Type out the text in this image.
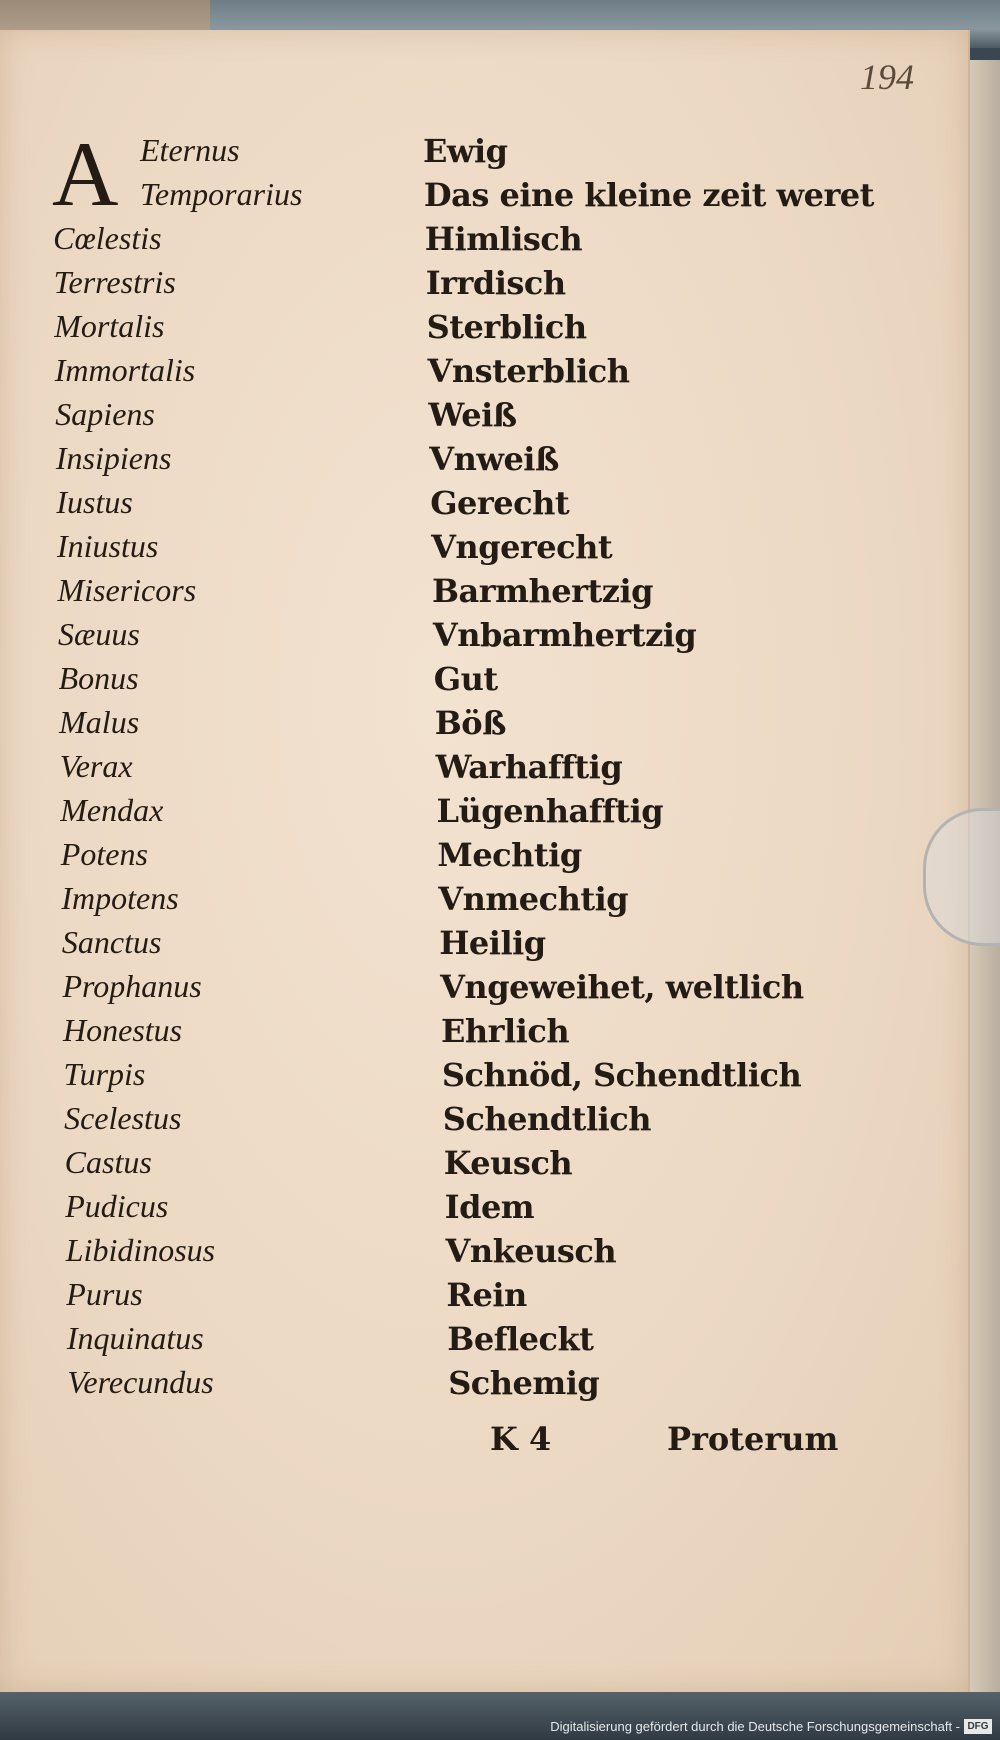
194
A Eternus	Ewig
Temporarius	Das eine kleine zeit weret
Cœlestis	Himlisch
Terrestris	Irrdisch
Mortalis	Sterblich
Immortalis	Vnsterblich
Sapiens	Weiß
Insipiens	Vnweiß
Iustus	Gerecht
Iniustus	Vngerecht
Misericors	Barmhertzig
Sæuus	Vnbarmhertzig
Bonus	Gut
Malus	Böß
Verax	Warhafftig
Mendax	Lügenhafftig
Potens	Mechtig
Impotens	Vnmechtig
Sanctus	Heilig
Prophanus	Vngeweihet, weltlich
Honestus	Ehrlich
Turpis	Schnöd, Schendtlich
Scelestus	Schendtlich
Castus	Keusch
Pudicus	Idem
Libidinosus	Vnkeusch
Purus	Rein
Inquinatus	Befleckt
Verecundus	Schemig
K 4	Proterum
Digitalisierung gefördert durch die Deutsche Forschungsgemeinschaft - DFG
